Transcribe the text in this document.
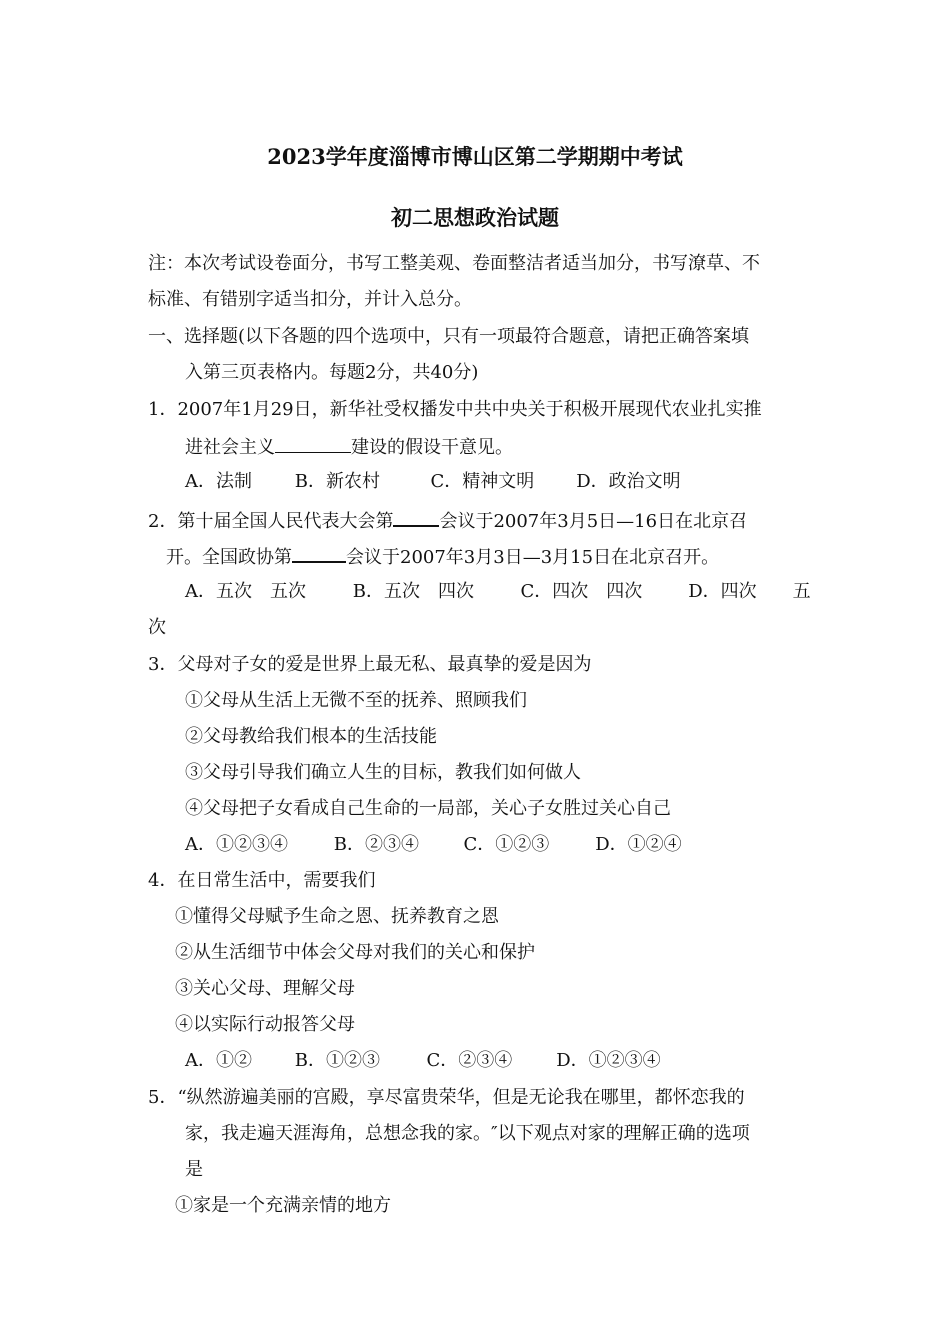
2023学年度淄博市博山区第二学期期中考试
初二思想政治试题
注：本次考试设卷面分，书写工整美观、卷面整洁者适当加分，书写潦草、不
标准、有错别字适当扣分，并计入总分。
一、选择题(以下各题的四个选项中，只有一项最符合题意，请把正确答案填
入第三页表格内。每题2分，共40分)
1．2007年1月29日，新华社受权播发中共中央关于积极开展现代农业扎实推
进社会主义	建设的假设干意见。
A．法制 B．新农村	C．精神文明 D．政治文明
2．第十届全国人民代表大会第	会议于2007年3月5日—16日在北京召
开。全国政协第	会议于2007年3月3日—3月15日在北京召开。
A．五次　五次	B．五次　四次	C．四次　四次	D．四次　　五
次
3．父母对子女的爱是世界上最无私、最真挚的爱是因为
①父母从生活上无微不至的抚养、照顾我们
②父母教给我们根本的生活技能
③父母引导我们确立人生的目标，教我们如何做人
④父母把子女看成自己生命的一局部，关心子女胜过关心自己
A．①②③④	B．②③④ C．①②③	D．①②④
4．在日常生活中，需要我们
①懂得父母赋予生命之恩、抚养教育之恩
②从生活细节中体会父母对我们的关心和保护
③关心父母、理解父母
④以实际行动报答父母
A．①② B．①②③	C．②③④ D．①②③④
5．“纵然游遍美丽的宫殿，享尽富贵荣华，但是无论我在哪里，都怀恋我的
家，我走遍天涯海角，总想念我的家。″以下观点对家的理解正确的选项
是
①家是一个充满亲情的地方
